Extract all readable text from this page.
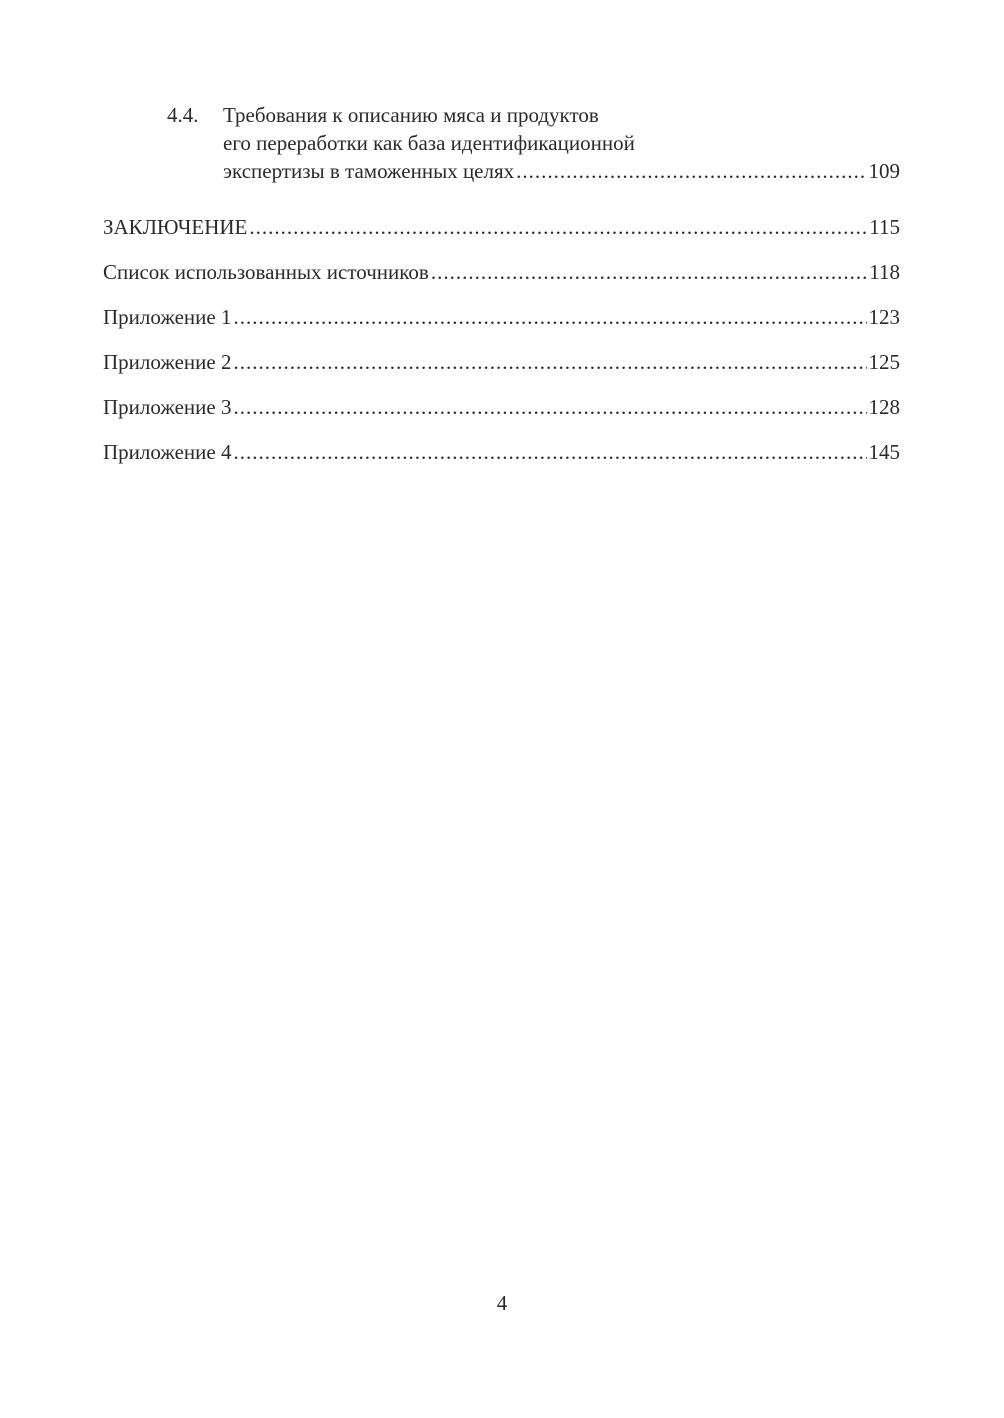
4.4. Требования к описанию мяса и продуктов
его переработки как база идентификационной
экспертизы в таможенных целях .....	109
ЗАКЛЮЧЕНИЕ .....	115
Список использованных источников .....	118
Приложение 1 .....	123
Приложение 2 .....	125
Приложение 3 .....	128
Приложение 4 .....	145
4
